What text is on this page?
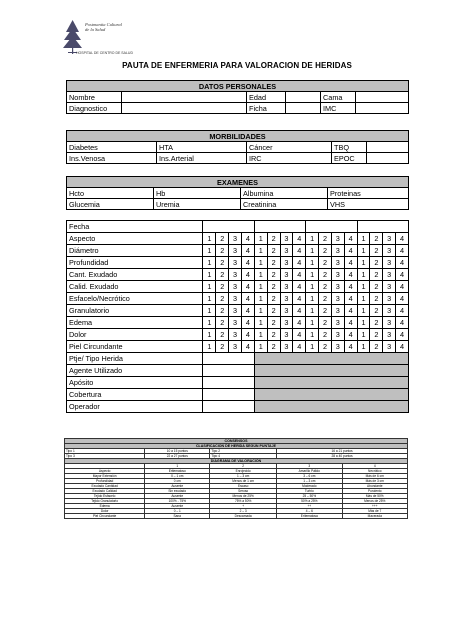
Postmantia Cultural
de la Salud
HOSPITAL DE CENTRO DE SALUD
PAUTA DE ENFERMERIA PARA VALORACION DE HERIDAS
DATOS PERSONALES					
Nombre		Edad		Cama	
Diagnostico		Ficha		IMC	
MORBILIDADES				
Diabetes	HTA	Cáncer	TBQ	
Ins.Venosa	Ins.Arterial	IRC	EPOC	
EXAMENES			
Hcto	Hb	Albumina	Proteinas
Glucemia	Uremia	Creatinina	VHS
Fecha																
Aspecto	1	2	3	4	1	2	3	4	1	2	3	4	1	2	3	4
Diámetro	1	2	3	4	1	2	3	4	1	2	3	4	1	2	3	4
Profundidad	1	2	3	4	1	2	3	4	1	2	3	4	1	2	3	4
Cant. Exudado	1	2	3	4	1	2	3	4	1	2	3	4	1	2	3	4
Calid. Exudado	1	2	3	4	1	2	3	4	1	2	3	4	1	2	3	4
Esfacelo/Necrótico	1	2	3	4	1	2	3	4	1	2	3	4	1	2	3	4
Granulatorio	1	2	3	4	1	2	3	4	1	2	3	4	1	2	3	4
Edema	1	2	3	4	1	2	3	4	1	2	3	4	1	2	3	4
Dolor	1	2	3	4	1	2	3	4	1	2	3	4	1	2	3	4
Piel Circundante	1	2	3	4	1	2	3	4	1	2	3	4	1	2	3	4
Ptje/ Tipo Herida																
Agente Utilizado																
Apósito																
Cobertura																
Operador																
CONSENSOS				
CLASIFICACION DE HERIDA SEGÚN PUNTAJE				
Tipo 1	10 a 15 puntos	Tipo 2	16 a 21 puntos	
Tipo 3	22 a 27 puntos	Tipo 4	28 a 40 puntos	
DIAGRAMA DE VALORACIÓN				
	1	2	3	4
Aspecto	Eritematoso	Enrojecido	Amarillo Pálido	Necrótico
Mayor Extensión	0 – 1 cm	1 – 3 cm	3 – 6 cm	Más de 6 cm
Profundidad	0 cm	Menos de 1 cm	1 – 3 cm	Más de 3 cm
Exudado Cantidad	Ausente	Escaso	Moderado	Abundante
Exudado Calidad	Sin exudado	Seroso	Turbio	Purulento
Tejido Esfacelo	Ausente	Menos de 25%	25 – 50%	Más de 50%
Tejido Granulatorio	100% - 75%	75% a 50%	50% a 25%	Menos de 25%
Edema	Ausente	+	++	+++
Dolor	0 – 1	2 – 3	4 – 6	Más de 7
Piel Circundante	Sana	Descamada	Eritematosa	Macerada
